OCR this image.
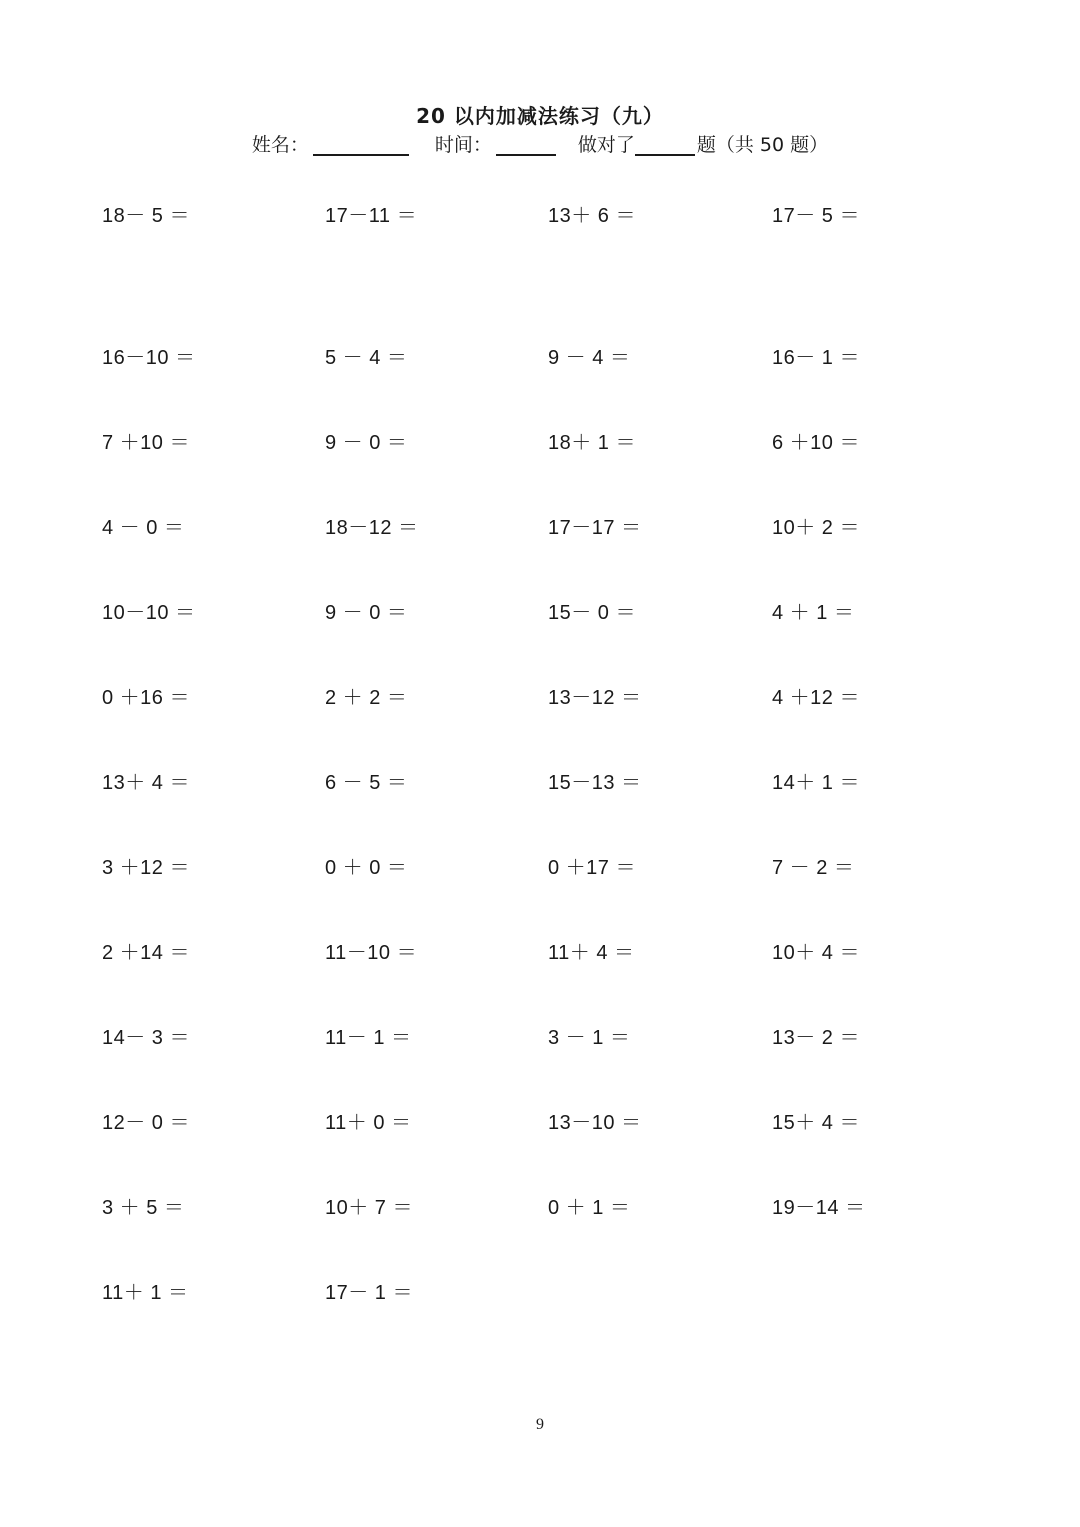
20 以内加减法练习（九）
姓名：	时间：	做对了	题（共 50 题）
18－ 5 ＝	17－11 ＝	13＋ 6 ＝	17－ 5 ＝
16－10 ＝	5 － 4 ＝	9 － 4 ＝	16－ 1 ＝
7 ＋10 ＝	9 － 0 ＝	18＋ 1 ＝	6 ＋10 ＝
4 － 0 ＝	18－12 ＝	17－17 ＝	10＋ 2 ＝
10－10 ＝	9 － 0 ＝	15－ 0 ＝	4 ＋ 1 ＝
0 ＋16 ＝	2 ＋ 2 ＝	13－12 ＝	4 ＋12 ＝
13＋ 4 ＝	6 － 5 ＝	15－13 ＝	14＋ 1 ＝
3 ＋12 ＝	0 ＋ 0 ＝	0 ＋17 ＝	7 － 2 ＝
2 ＋14 ＝	11－10 ＝	11＋ 4 ＝	10＋ 4 ＝
14－ 3 ＝	11－ 1 ＝	3 － 1 ＝	13－ 2 ＝
12－ 0 ＝	11＋ 0 ＝	13－10 ＝	15＋ 4 ＝
3 ＋ 5 ＝	10＋ 7 ＝	0 ＋ 1 ＝	19－14 ＝
11＋ 1 ＝	17－ 1 ＝
9
